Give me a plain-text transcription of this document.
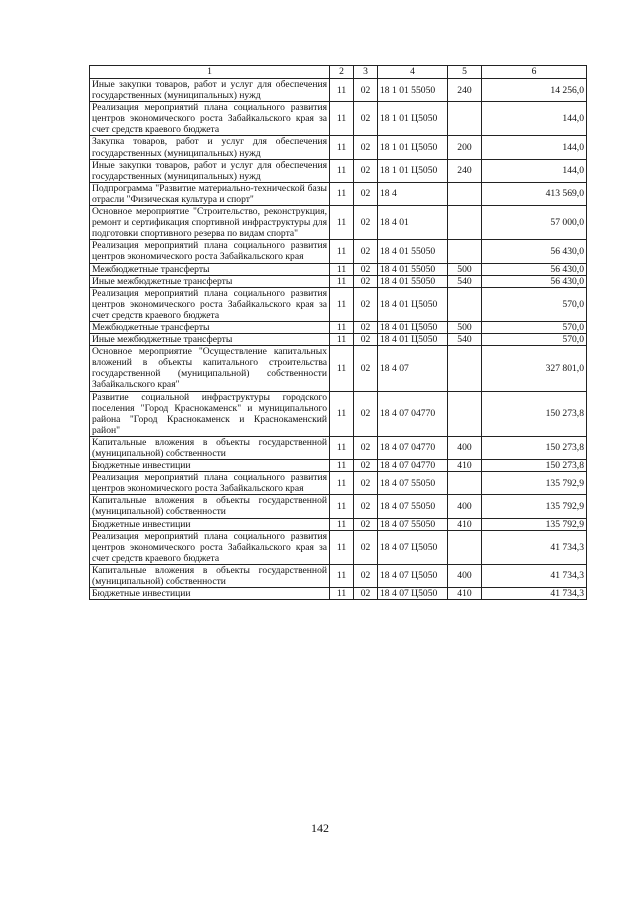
1	2	3	4	5	6
Иные закупки товаров, работ и услуг для обеспечения государственных (муниципальных) нужд	11	02	18 1 01 55050	240	14 256,0
Реализация мероприятий плана социального развития центров экономического роста Забайкальского края за счет средств краевого бюджета	11	02	18 1 01 Ц5050		144,0
Закупка товаров, работ и услуг для обеспечения государственных (муниципальных) нужд	11	02	18 1 01 Ц5050	200	144,0
Иные закупки товаров, работ и услуг для обеспечения государственных (муниципальных) нужд	11	02	18 1 01 Ц5050	240	144,0
Подпрограмма "Развитие материально-технической базы отрасли "Физическая культура и спорт"	11	02	18 4		413 569,0
Основное мероприятие "Строительство, реконструкция, ремонт и сертификация спортивной инфраструктуры для подготовки спортивного резерва по видам спорта"	11	02	18 4 01		57 000,0
Реализация мероприятий плана социального развития центров экономического роста Забайкальского края	11	02	18 4 01 55050		56 430,0
Межбюджетные трансферты	11	02	18 4 01 55050	500	56 430,0
Иные межбюджетные трансферты	11	02	18 4 01 55050	540	56 430,0
Реализация мероприятий плана социального развития центров экономического роста Забайкальского края за счет средств краевого бюджета	11	02	18 4 01 Ц5050		570,0
Межбюджетные трансферты	11	02	18 4 01 Ц5050	500	570,0
Иные межбюджетные трансферты	11	02	18 4 01 Ц5050	540	570,0
Основное мероприятие "Осуществление капитальных вложений в объекты капитального строительства государственной (муниципальной) собственности Забайкальского края"	11	02	18 4 07		327 801,0
Развитие социальной инфраструктуры городского поселения "Город Краснокаменск" и муниципального района "Город Краснокаменск и Краснокаменский район"	11	02	18 4 07 04770		150 273,8
Капитальные вложения в объекты государственной (муниципальной) собственности	11	02	18 4 07 04770	400	150 273,8
Бюджетные инвестиции	11	02	18 4 07 04770	410	150 273,8
Реализация мероприятий плана социального развития центров экономического роста Забайкальского края	11	02	18 4 07 55050		135 792,9
Капитальные вложения в объекты государственной (муниципальной) собственности	11	02	18 4 07 55050	400	135 792,9
Бюджетные инвестиции	11	02	18 4 07 55050	410	135 792,9
Реализация мероприятий плана социального развития центров экономического роста Забайкальского края за счет средств краевого бюджета	11	02	18 4 07 Ц5050		41 734,3
Капитальные вложения в объекты государственной (муниципальной) собственности	11	02	18 4 07 Ц5050	400	41 734,3
Бюджетные инвестиции	11	02	18 4 07 Ц5050	410	41 734,3
142
